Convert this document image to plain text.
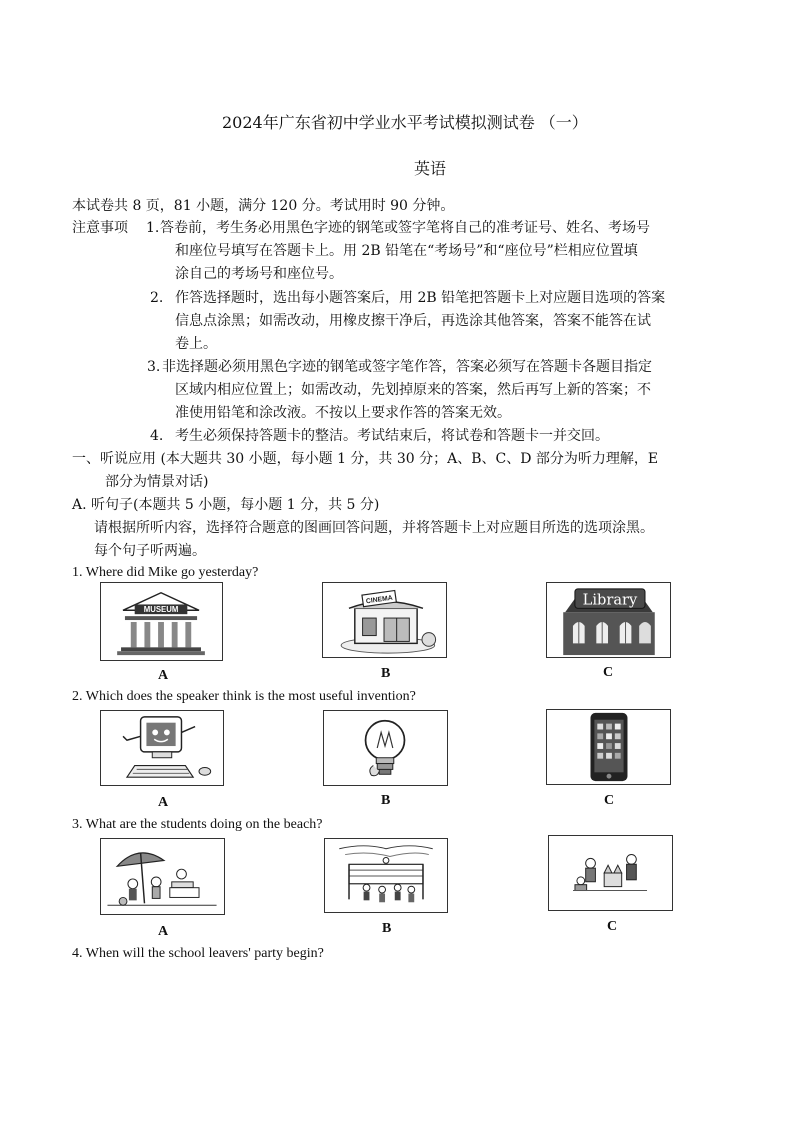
2024年广东省初中学业水平考试模拟测试卷 （一）
英语
本试卷共 8 页，81 小题，满分 120 分。考试用时 90 分钟。
注意事项 1. 答卷前，考生务必用黑色字迹的钢笔或签字笔将自己的准考证号、姓名、考场号
和座位号填写在答题卡上。用 2B 铅笔在“考场号”和“座位号”栏相应位置填
涂自己的考场号和座位号。
2. 作答选择题时，选出每小题答案后，用 2B 铅笔把答题卡上对应题目选项的答案
信息点涂黑；如需改动，用橡皮擦干净后，再选涂其他答案，答案不能答在试
卷上。
3. 非选择题必须用黑色字迹的钢笔或签字笔作答，答案必须写在答题卡各题目指定
区域内相应位置上；如需改动，先划掉原来的答案，然后再写上新的答案；不
准使用铅笔和涂改液。不按以上要求作答的答案无效。
4. 考生必须保持答题卡的整洁。考试结束后，将试卷和答题卡一并交回。
一、听说应用 (本大题共 30 小题，每小题 1 分，共 30 分；A、B、C、D 部分为听力理解，E
部分为情景对话)
A. 听句子(本题共 5 小题，每小题 1 分，共 5 分)
请根据所听内容，选择符合题意的图画回答问题，并将答题卡上对应题目所选的选项涂黑。
每个句子听两遍。
1. Where did Mike go yesterday?
MUSEUM
A
CINEMA
B
Library
C
2. Which does the speaker think is the most useful invention?
A	B	C
3. What are the students doing on the beach?
A	B	C
4. When will the school leavers' party begin?
